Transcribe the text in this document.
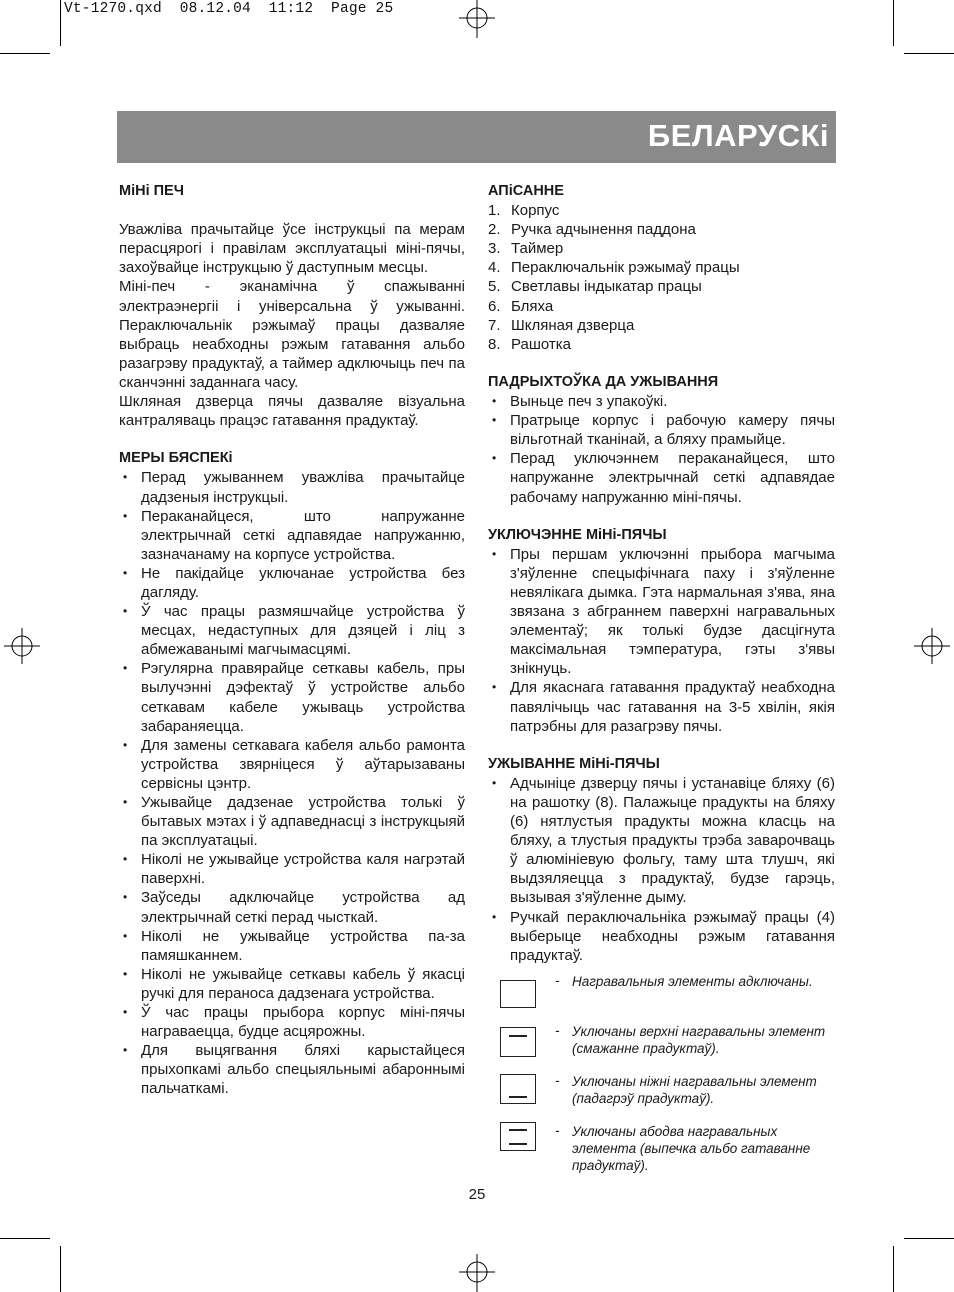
Vt-1270.qxd  08.12.04  11:12  Page 25
БЕЛАРУСКi
МiНi ПЕЧ

Уважліва прачытайце ўсе інструкцыі па мерам перасцярогі і правілам эксплуатацыі міні-пячы, захоўвайце інструкцыю ў даступным месцы.

Міні-печ - эканамічна ў спажыванні электраэнергіі і універсальна ў ужыванні. Пераключальнік рэжымаў працы дазваляе выбраць неабходны рэжым гатавання альбо разагрэву прадуктаў, а таймер адключыць печ па сканчэнні заданнага часу.

Шкляная дзверца пячы дазваляе візуальна кантраляваць працэс гатавання прадуктаў.

МЕРЫ БЯСПЕКi
• Перад ужываннем уважліва прачытайце дадзеныя інструкцыі.
• Пераканайцеся, што напружанне электрычнай сеткі адпавядае напружанню, зазначанаму на корпусе устройства.
• Не пакідайце уключанае устройства без дагляду.
• Ў час працы размяшчайце устройства ў месцах, недаступных для дзяцей і ліц з абмежаванымі магчымасцямі.
• Рэгулярна правярайце сеткавы кабель, пры вылучэнні дэфектаў ў устройстве альбо сеткавам кабеле ужываць устройства забараняецца.
• Для замены сеткавага кабеля альбо рамонта устройства звярніцеся ў аўтарызаваны сервісны цэнтр.
• Ужывайце дадзенае устройства толькі ў бытавых мэтах і ў адпаведнасці з інструкцыяй па эксплуатацыі.
• Ніколі не ужывайце устройства каля нагрэтай паверхні.
• Заўседы адключайце устройства ад электрычнай сеткі перад чысткай.
• Ніколі не ужывайце устройства па-за памяшканнем.
• Ніколі не ужывайце сеткавы кабель ў якасці ручкі для пераноса дадзенага устройства.
• Ў час працы прыбора корпус міні-пячы награваецца, будце асцярожны.
• Для выцягвання бляхі карыстайцеся прыхопкамі альбо спецыяльнымі абароннымі пальчаткамі.
АПiСАННЕ
1. Корпус
2. Ручка адчынення паддона
3. Таймер
4. Пераключальнік рэжымаў працы
5. Светлавы індыкатар працы
6. Бляха
7. Шкляная дзверца
8. Рашотка
ПАДРЫХТОЎКА ДА УЖЫВАННЯ
• Выньце печ з упакоўкі.
• Пратрыце корпус і рабочую камеру пячы вільготнай тканінай, а бляху прамыйце.
• Перад уключэннем пераканайцеся, што напружанне электрычнай сеткі адпавядае рабочаму напружанню міні-пячы.
УКЛЮЧЭННЕ МiНi-ПЯЧЫ
• Пры першам уключэнні прыбора магчыма з'яўленне спецыфічнага паху і з'яўленне невялікага дымка. Гэта нармальная з'ява, яна звязана з абграннем паверхні награвальных элементаў; як толькі будзе дасцігнута максімальная тэмпература, гэты з'явы знікнуць.
• Для якаснага гатавання прадуктаў неабходна павялічыць час гатавання на 3-5 хвілін, якія патрэбны для разагрэву пячы.
УЖЫВАННЕ МiНi-ПЯЧЫ
• Адчыніце дзверцу пячы і устанавіце бляху (6) на рашотку (8). Палажыце прадукты на бляху (6) нятлустыя прадукты можна класць на бляху, а тлустыя прадукты трэба заварочваць ў алюмініевую фольгу, таму шта тлушч, які выдзяляецца з прадуктаў, будзе гарэць, вызывая з'яўленне дыму.
• Ручкай пераключальніка рэжымаў працы (4) выберыце неабходны рэжым гатавання прадуктаў.
- Награвальныя элементы адключаны.
- Уключаны верхні награвальны элемент (смажанне прадуктаў).
- Уключаны ніжні награвальны элемент (падагрэў прадуктаў).
- Уключаны абодва награвальных элемента (выпечка альбо гатаванне прадуктаў).
25
